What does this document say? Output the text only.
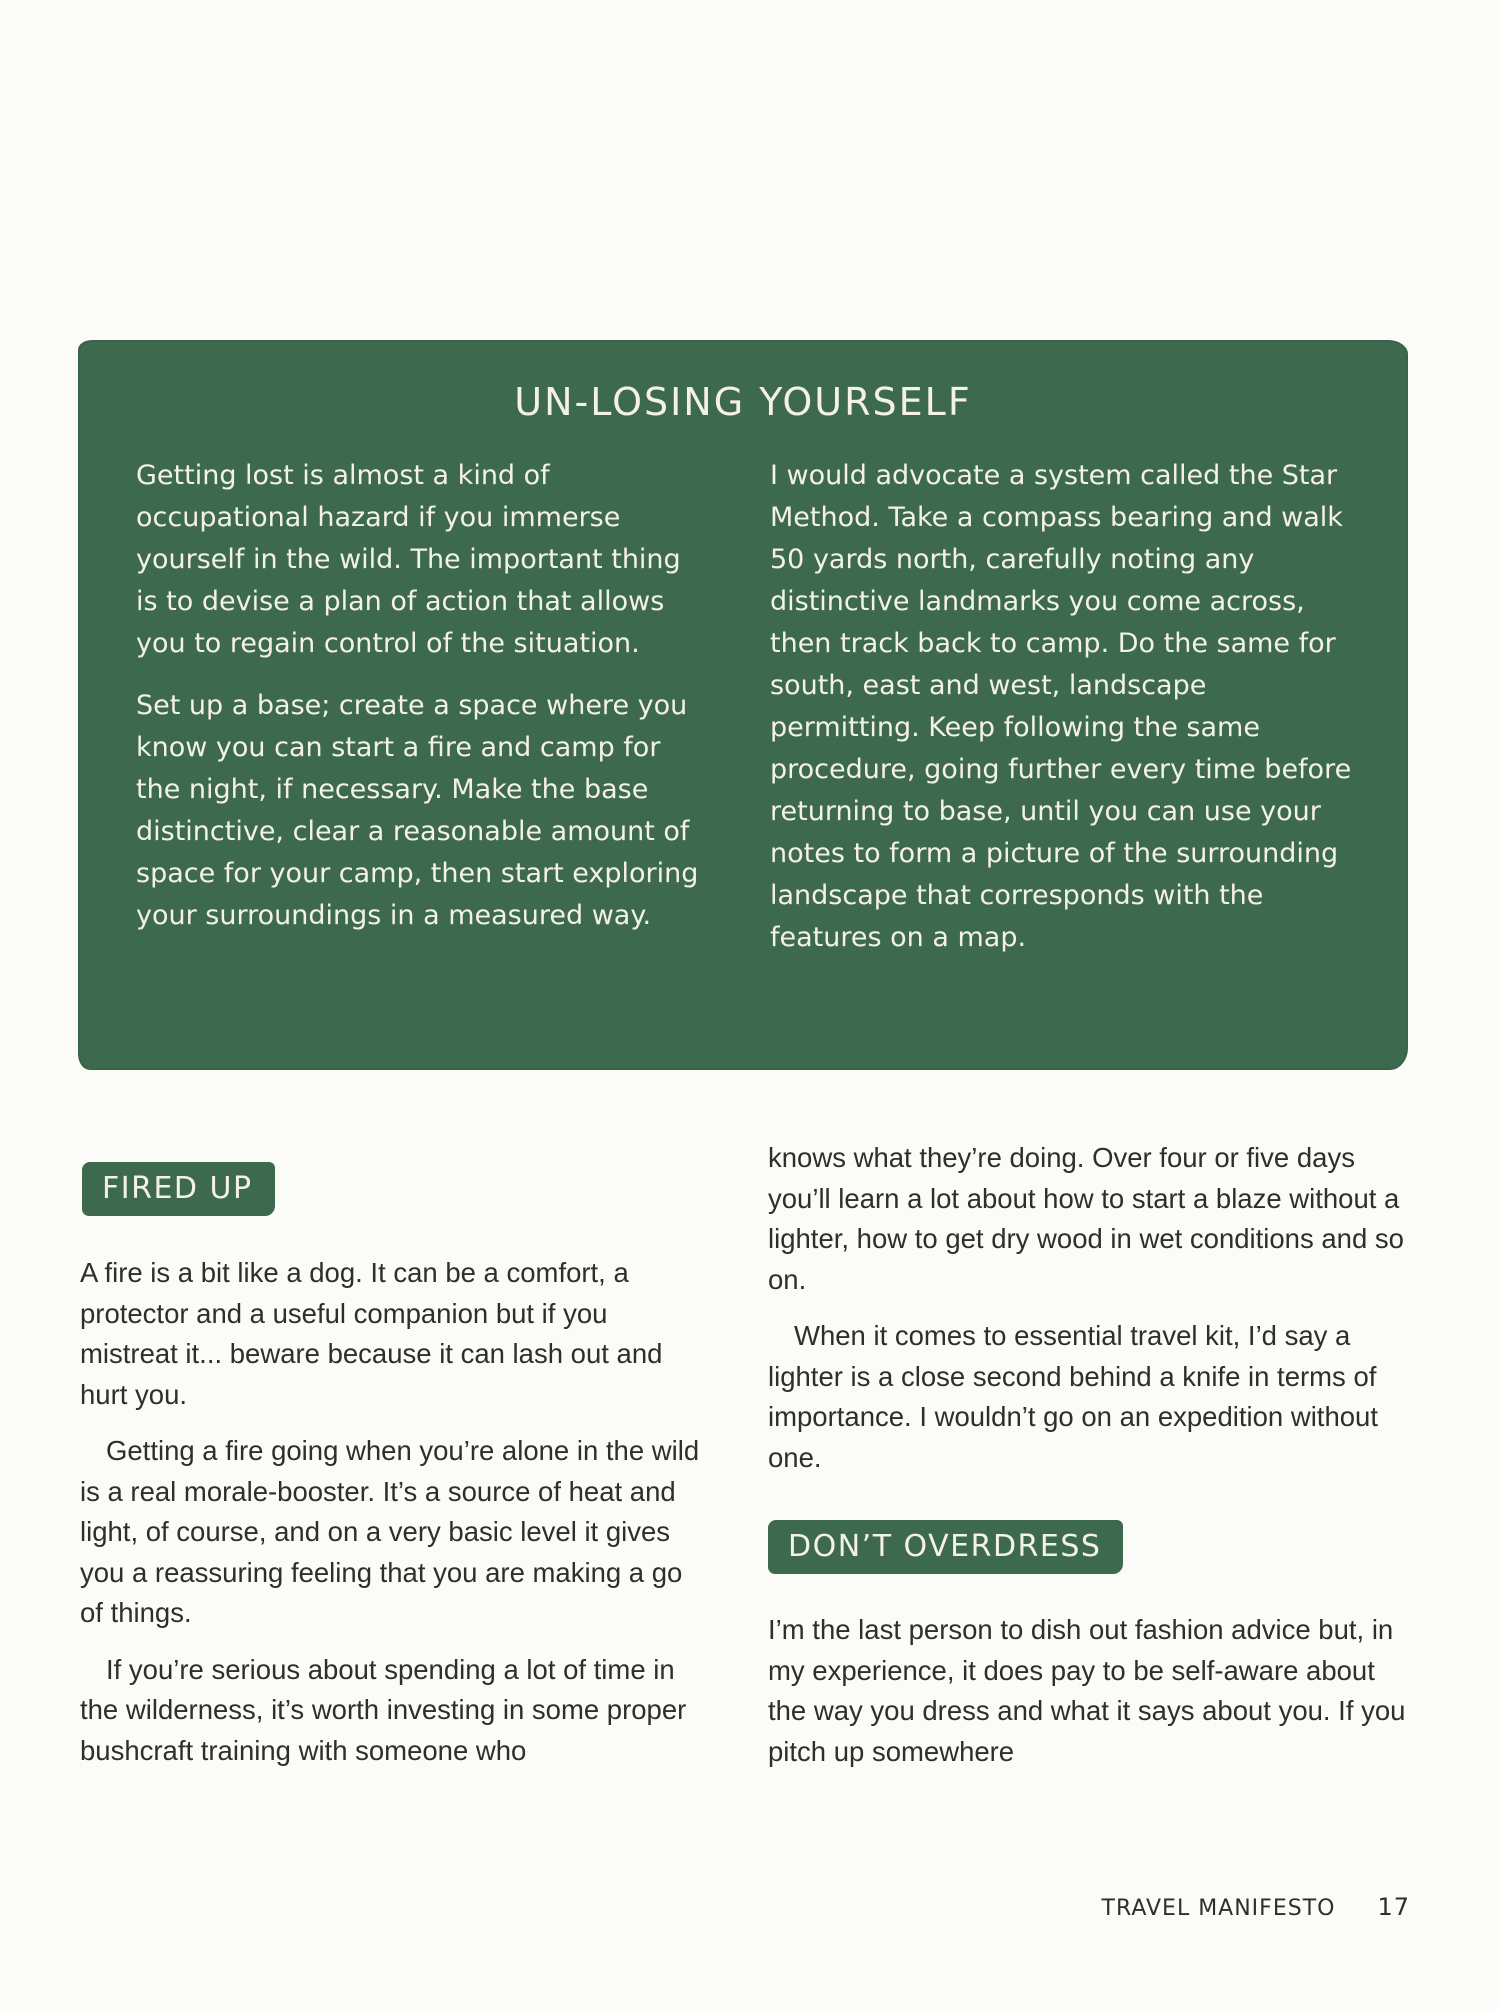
UN-LOSING YOURSELF

Getting lost is almost a kind of occupational hazard if you immerse yourself in the wild. The important thing is to devise a plan of action that allows you to regain control of the situation.

Set up a base; create a space where you know you can start a fire and camp for the night, if necessary. Make the base distinctive, clear a reasonable amount of space for your camp, then start exploring your surroundings in a measured way.

I would advocate a system called the Star Method. Take a compass bearing and walk 50 yards north, carefully noting any distinctive landmarks you come across, then track back to camp. Do the same for south, east and west, landscape permitting. Keep following the same procedure, going further every time before returning to base, until you can use your notes to form a picture of the surrounding landscape that corresponds with the features on a map.

FIRED UP

A fire is a bit like a dog. It can be a comfort, a protector and a useful companion but if you mistreat it... beware because it can lash out and hurt you.

Getting a fire going when you’re alone in the wild is a real morale-booster. It’s a source of heat and light, of course, and on a very basic level it gives you a reassuring feeling that you are making a go of things.

If you’re serious about spending a lot of time in the wilderness, it’s worth investing in some proper bushcraft training with someone who

knows what they’re doing. Over four or five days you’ll learn a lot about how to start a blaze without a lighter, how to get dry wood in wet conditions and so on.

When it comes to essential travel kit, I’d say a lighter is a close second behind a knife in terms of importance. I wouldn’t go on an expedition without one.

DON’T OVERDRESS

I’m the last person to dish out fashion advice but, in my experience, it does pay to be self-aware about the way you dress and what it says about you. If you pitch up somewhere

TRAVEL MANIFESTO 17
